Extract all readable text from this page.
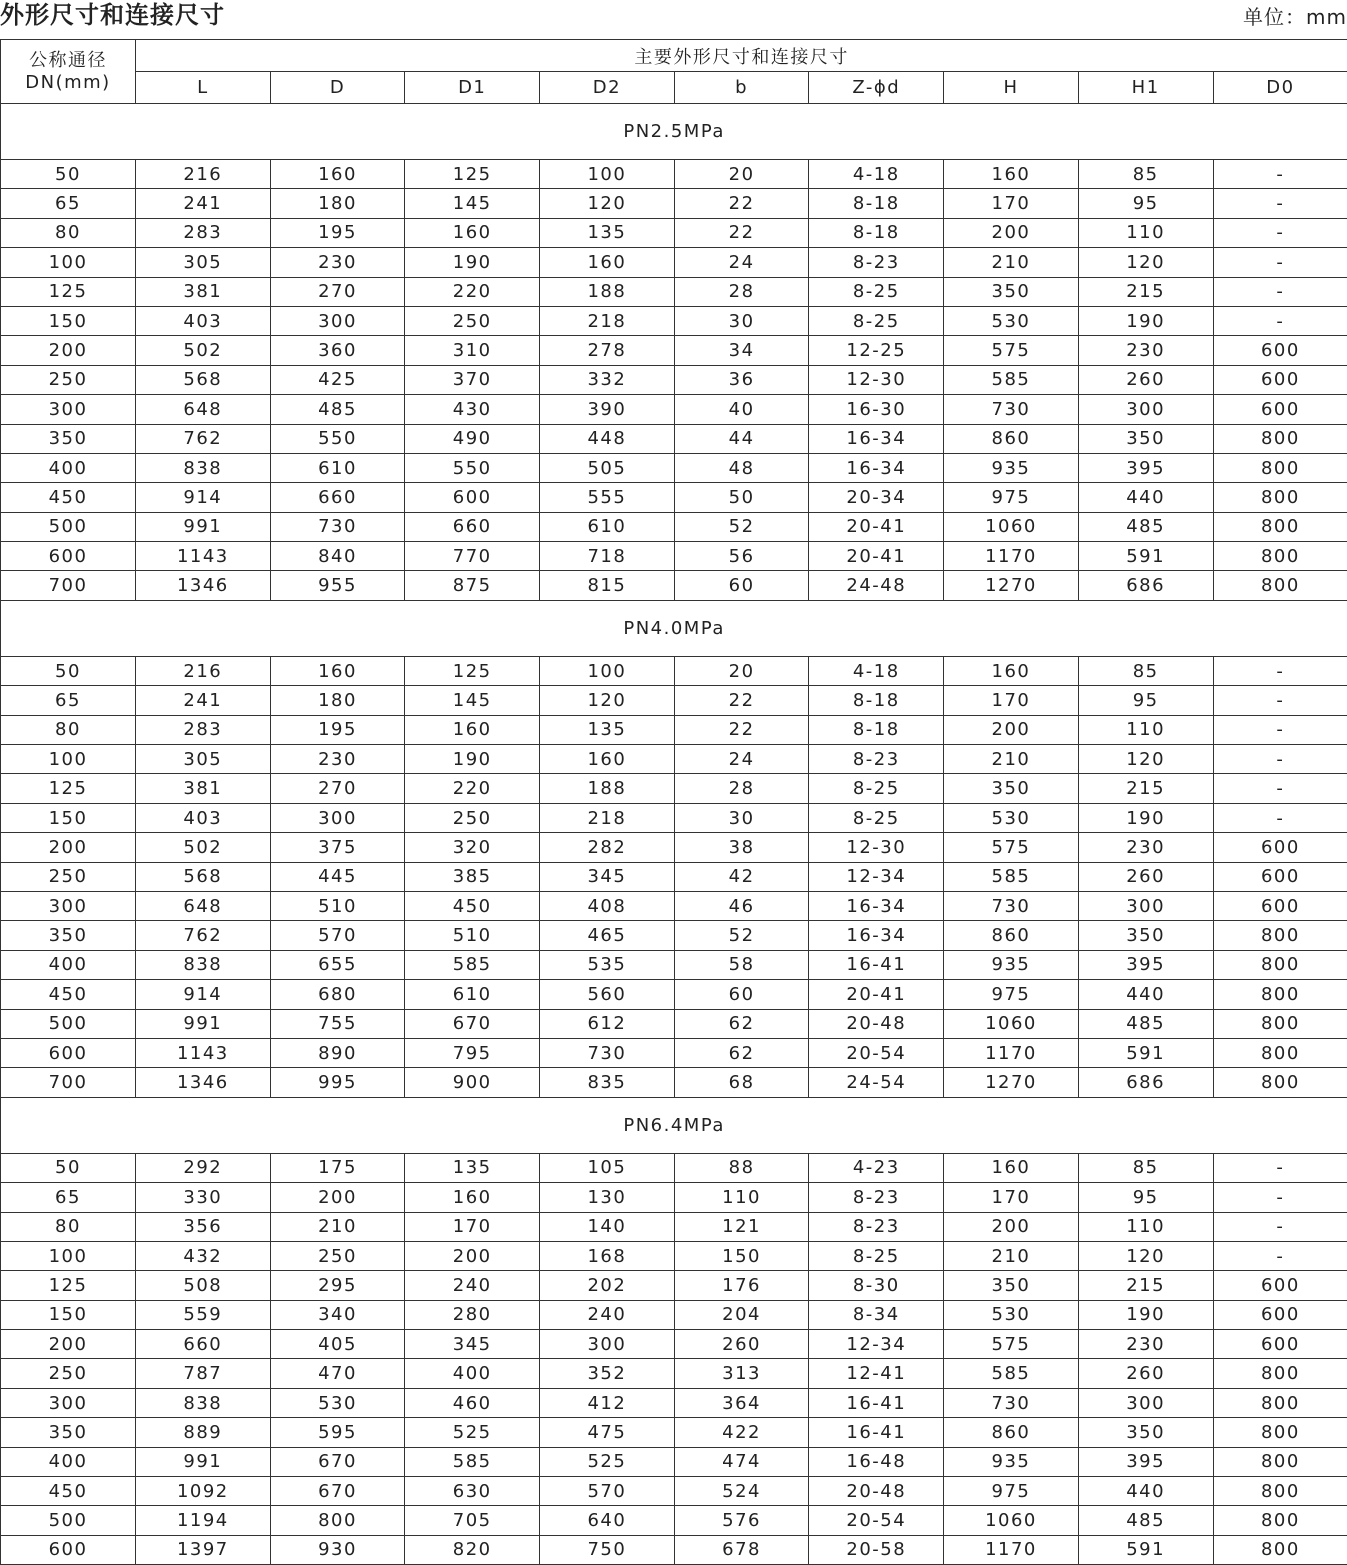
外形尺寸和连接尺寸	单位：mm
公称通径
DN(mm)	主要外形尺寸和连接尺寸								
	L	D	D1	D2	b	Z-ϕd	H	H1	D0
PN2.5MPa									
50	216	160	125	100	20	4-18	160	85	-
65	241	180	145	120	22	8-18	170	95	-
80	283	195	160	135	22	8-18	200	110	-
100	305	230	190	160	24	8-23	210	120	-
125	381	270	220	188	28	8-25	350	215	-
150	403	300	250	218	30	8-25	530	190	-
200	502	360	310	278	34	12-25	575	230	600
250	568	425	370	332	36	12-30	585	260	600
300	648	485	430	390	40	16-30	730	300	600
350	762	550	490	448	44	16-34	860	350	800
400	838	610	550	505	48	16-34	935	395	800
450	914	660	600	555	50	20-34	975	440	800
500	991	730	660	610	52	20-41	1060	485	800
600	1143	840	770	718	56	20-41	1170	591	800
700	1346	955	875	815	60	24-48	1270	686	800
PN4.0MPa									
50	216	160	125	100	20	4-18	160	85	-
65	241	180	145	120	22	8-18	170	95	-
80	283	195	160	135	22	8-18	200	110	-
100	305	230	190	160	24	8-23	210	120	-
125	381	270	220	188	28	8-25	350	215	-
150	403	300	250	218	30	8-25	530	190	-
200	502	375	320	282	38	12-30	575	230	600
250	568	445	385	345	42	12-34	585	260	600
300	648	510	450	408	46	16-34	730	300	600
350	762	570	510	465	52	16-34	860	350	800
400	838	655	585	535	58	16-41	935	395	800
450	914	680	610	560	60	20-41	975	440	800
500	991	755	670	612	62	20-48	1060	485	800
600	1143	890	795	730	62	20-54	1170	591	800
700	1346	995	900	835	68	24-54	1270	686	800
PN6.4MPa									
50	292	175	135	105	88	4-23	160	85	-
65	330	200	160	130	110	8-23	170	95	-
80	356	210	170	140	121	8-23	200	110	-
100	432	250	200	168	150	8-25	210	120	-
125	508	295	240	202	176	8-30	350	215	600
150	559	340	280	240	204	8-34	530	190	600
200	660	405	345	300	260	12-34	575	230	600
250	787	470	400	352	313	12-41	585	260	800
300	838	530	460	412	364	16-41	730	300	800
350	889	595	525	475	422	16-41	860	350	800
400	991	670	585	525	474	16-48	935	395	800
450	1092	670	630	570	524	20-48	975	440	800
500	1194	800	705	640	576	20-54	1060	485	800
600	1397	930	820	750	678	20-58	1170	591	800
